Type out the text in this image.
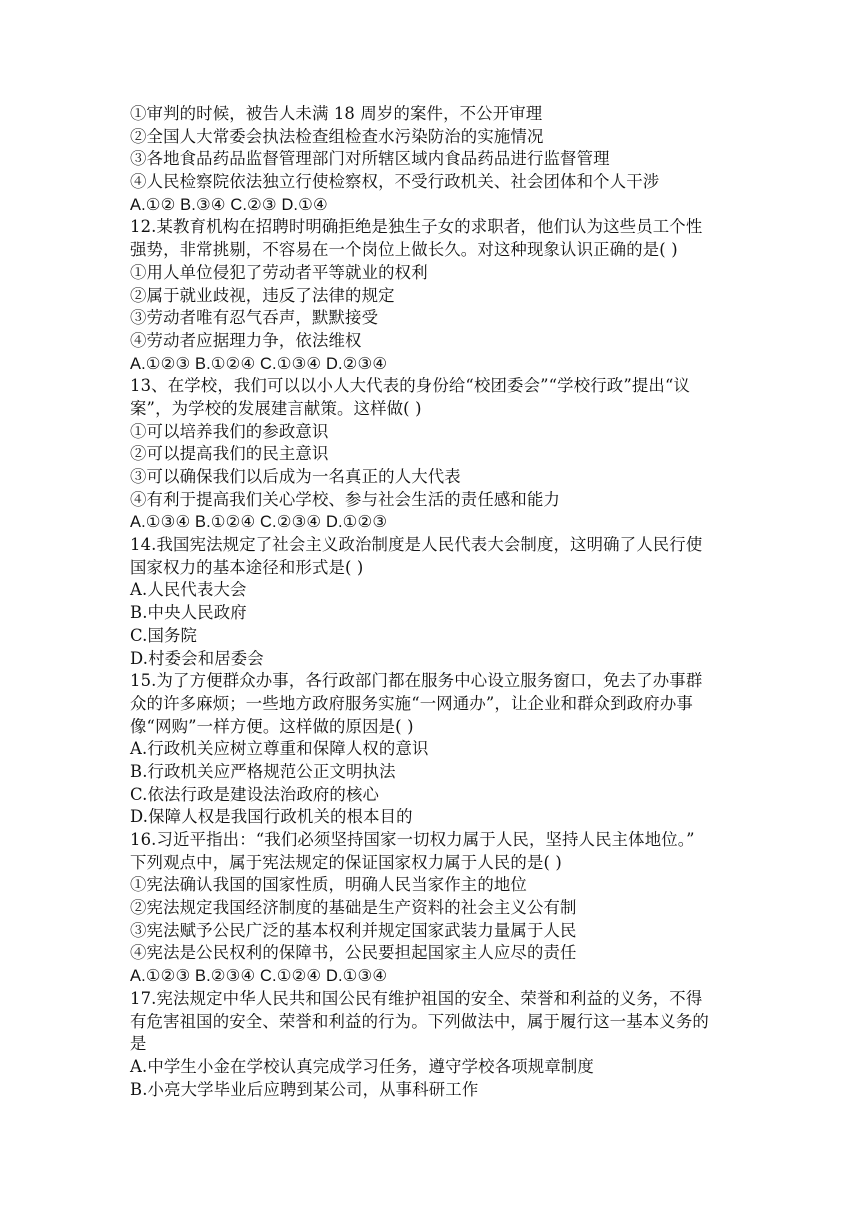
①审判的时候，被告人未满 18 周岁的案件，不公开审理
②全国人大常委会执法检查组检查水污染防治的实施情况
③各地食品药品监督管理部门对所辖区域内食品药品进行监督管理
④人民检察院依法独立行使检察权，不受行政机关、社会团体和个人干涉
A.①② B.③④ C.②③ D.①④
12.某教育机构在招聘时明确拒绝是独生子女的求职者，他们认为这些员工个性
强势，非常挑剔，不容易在一个岗位上做长久。对这种现象认识正确的是( )
①用人单位侵犯了劳动者平等就业的权利
②属于就业歧视，违反了法律的规定
③劳动者唯有忍气吞声，默默接受
④劳动者应据理力争，依法维权
A.①②③ B.①②④ C.①③④ D.②③④
13、在学校，我们可以以小人大代表的身份给“校团委会”“学校行政”提出“议
案”，为学校的发展建言献策。这样做( )
①可以培养我们的参政意识
②可以提高我们的民主意识
③可以确保我们以后成为一名真正的人大代表
④有利于提高我们关心学校、参与社会生活的责任感和能力
A.①③④ B.①②④ C.②③④ D.①②③
14.我国宪法规定了社会主义政治制度是人民代表大会制度，这明确了人民行使
国家权力的基本途径和形式是( )
A.人民代表大会
B.中央人民政府
C.国务院
D.村委会和居委会
15.为了方便群众办事，各行政部门都在服务中心设立服务窗口，免去了办事群
众的许多麻烦；一些地方政府服务实施“一网通办”，让企业和群众到政府办事
像“网购”一样方便。这样做的原因是( )
A.行政机关应树立尊重和保障人权的意识
B.行政机关应严格规范公正文明执法
C.依法行政是建设法治政府的核心
D.保障人权是我国行政机关的根本目的
16.习近平指出：“我们必须坚持国家一切权力属于人民，坚持人民主体地位。”
下列观点中，属于宪法规定的保证国家权力属于人民的是( )
①宪法确认我国的国家性质，明确人民当家作主的地位
②宪法规定我国经济制度的基础是生产资料的社会主义公有制
③宪法赋予公民广泛的基本权利并规定国家武装力量属于人民
④宪法是公民权利的保障书，公民要担起国家主人应尽的责任
A.①②③ B.②③④ C.①②④ D.①③④
17.宪法规定中华人民共和国公民有维护祖国的安全、荣誉和利益的义务，不得
有危害祖国的安全、荣誉和利益的行为。下列做法中，属于履行这一基本义务的
是
A.中学生小金在学校认真完成学习任务，遵守学校各项规章制度
B.小亮大学毕业后应聘到某公司，从事科研工作
